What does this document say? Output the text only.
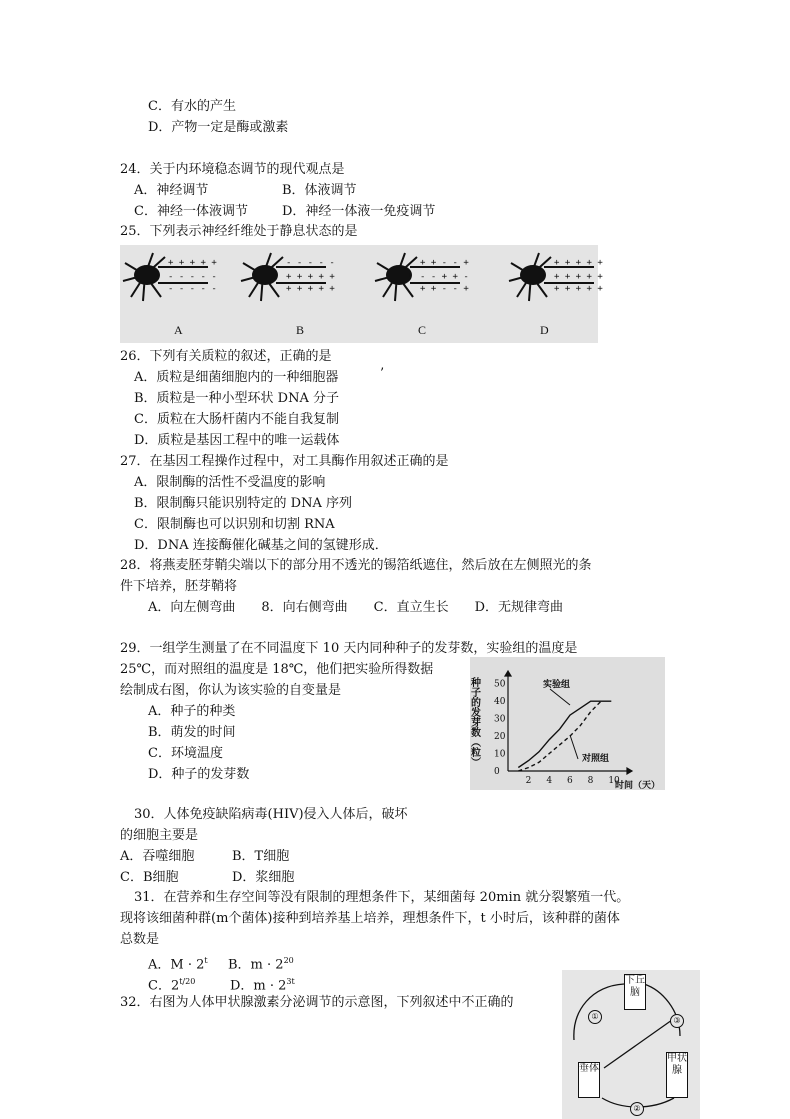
C．有水的产生
D．产物一定是酶或激素
24．关于内环境稳态调节的现代观点是
A．神经调节	B．体液调节
C．神经一体液调节	D．神经一体液一免疫调节
25．下列表示神经纤维处于静息状态的是
+ + + + +
- - - - -
- - - - -
- - - - -
+ + + + +
+ + + + +
+ + - - +
- - + + -
+ + - - +
+ + + + +
+ + + + +
+ + + + +
A	B	C	D
26．下列有关质粒的叙述，正确的是
A．质粒是细菌细胞内的一种细胞器	’
B．质粒是一种小型环状 DNA 分子
C．质粒在大肠杆菌内不能自我复制
D．质粒是基因工程中的唯一运载体
27．在基因工程操作过程中，对工具酶作用叙述正确的是
A．限制酶的活性不受温度的影响
B．限制酶只能识别特定的 DNA 序列
C．限制酶也可以识别和切割 RNA
D．DNA 连接酶催化碱基之间的氢键形成．
28．将燕麦胚芽鞘尖端以下的部分用不透光的锡箔纸遮住，然后放在左侧照光的条
件下培养，胚芽鞘将
A．向左侧弯曲　　8．向右侧弯曲　　C．直立生长　　D．无规律弯曲
29．一组学生测量了在不同温度下 10 天内同种种子的发芽数，实验组的温度是
25℃，而对照组的温度是 18℃，他们把实验所得数据
绘制成右图，你认为该实验的自变量是
A．种子的种类
B．萌发的时间
C．环境温度
D．种子的发芽数
种子的发芽数（粒）
时间（天）
实验组
对照组
2 4 6 8 10
0
10
20
30
40
50
30．人体免疫缺陷病毒(HIV)侵入人体后，破坏
的细胞主要是
A．吞噬细胞	B．T细胞
C．B细胞	D．浆细胞
31．在营养和生存空间等没有限制的理想条件下，某细菌每 20min 就分裂繁殖一代。
现将该细菌种群(m个菌体)接种到培养基上培养，理想条件下，t 小时后，该种群的菌体
总数是
A．$M \cdot 2^t$ B．$m \cdot 2^{20}$
C．$2^{t/20}$	D．$m \cdot 2^{3t}$
32．右图为人体甲状腺激素分泌调节的示意图，下列叙述中不正确的
下丘脑
垂体
甲状腺
①
②
③
